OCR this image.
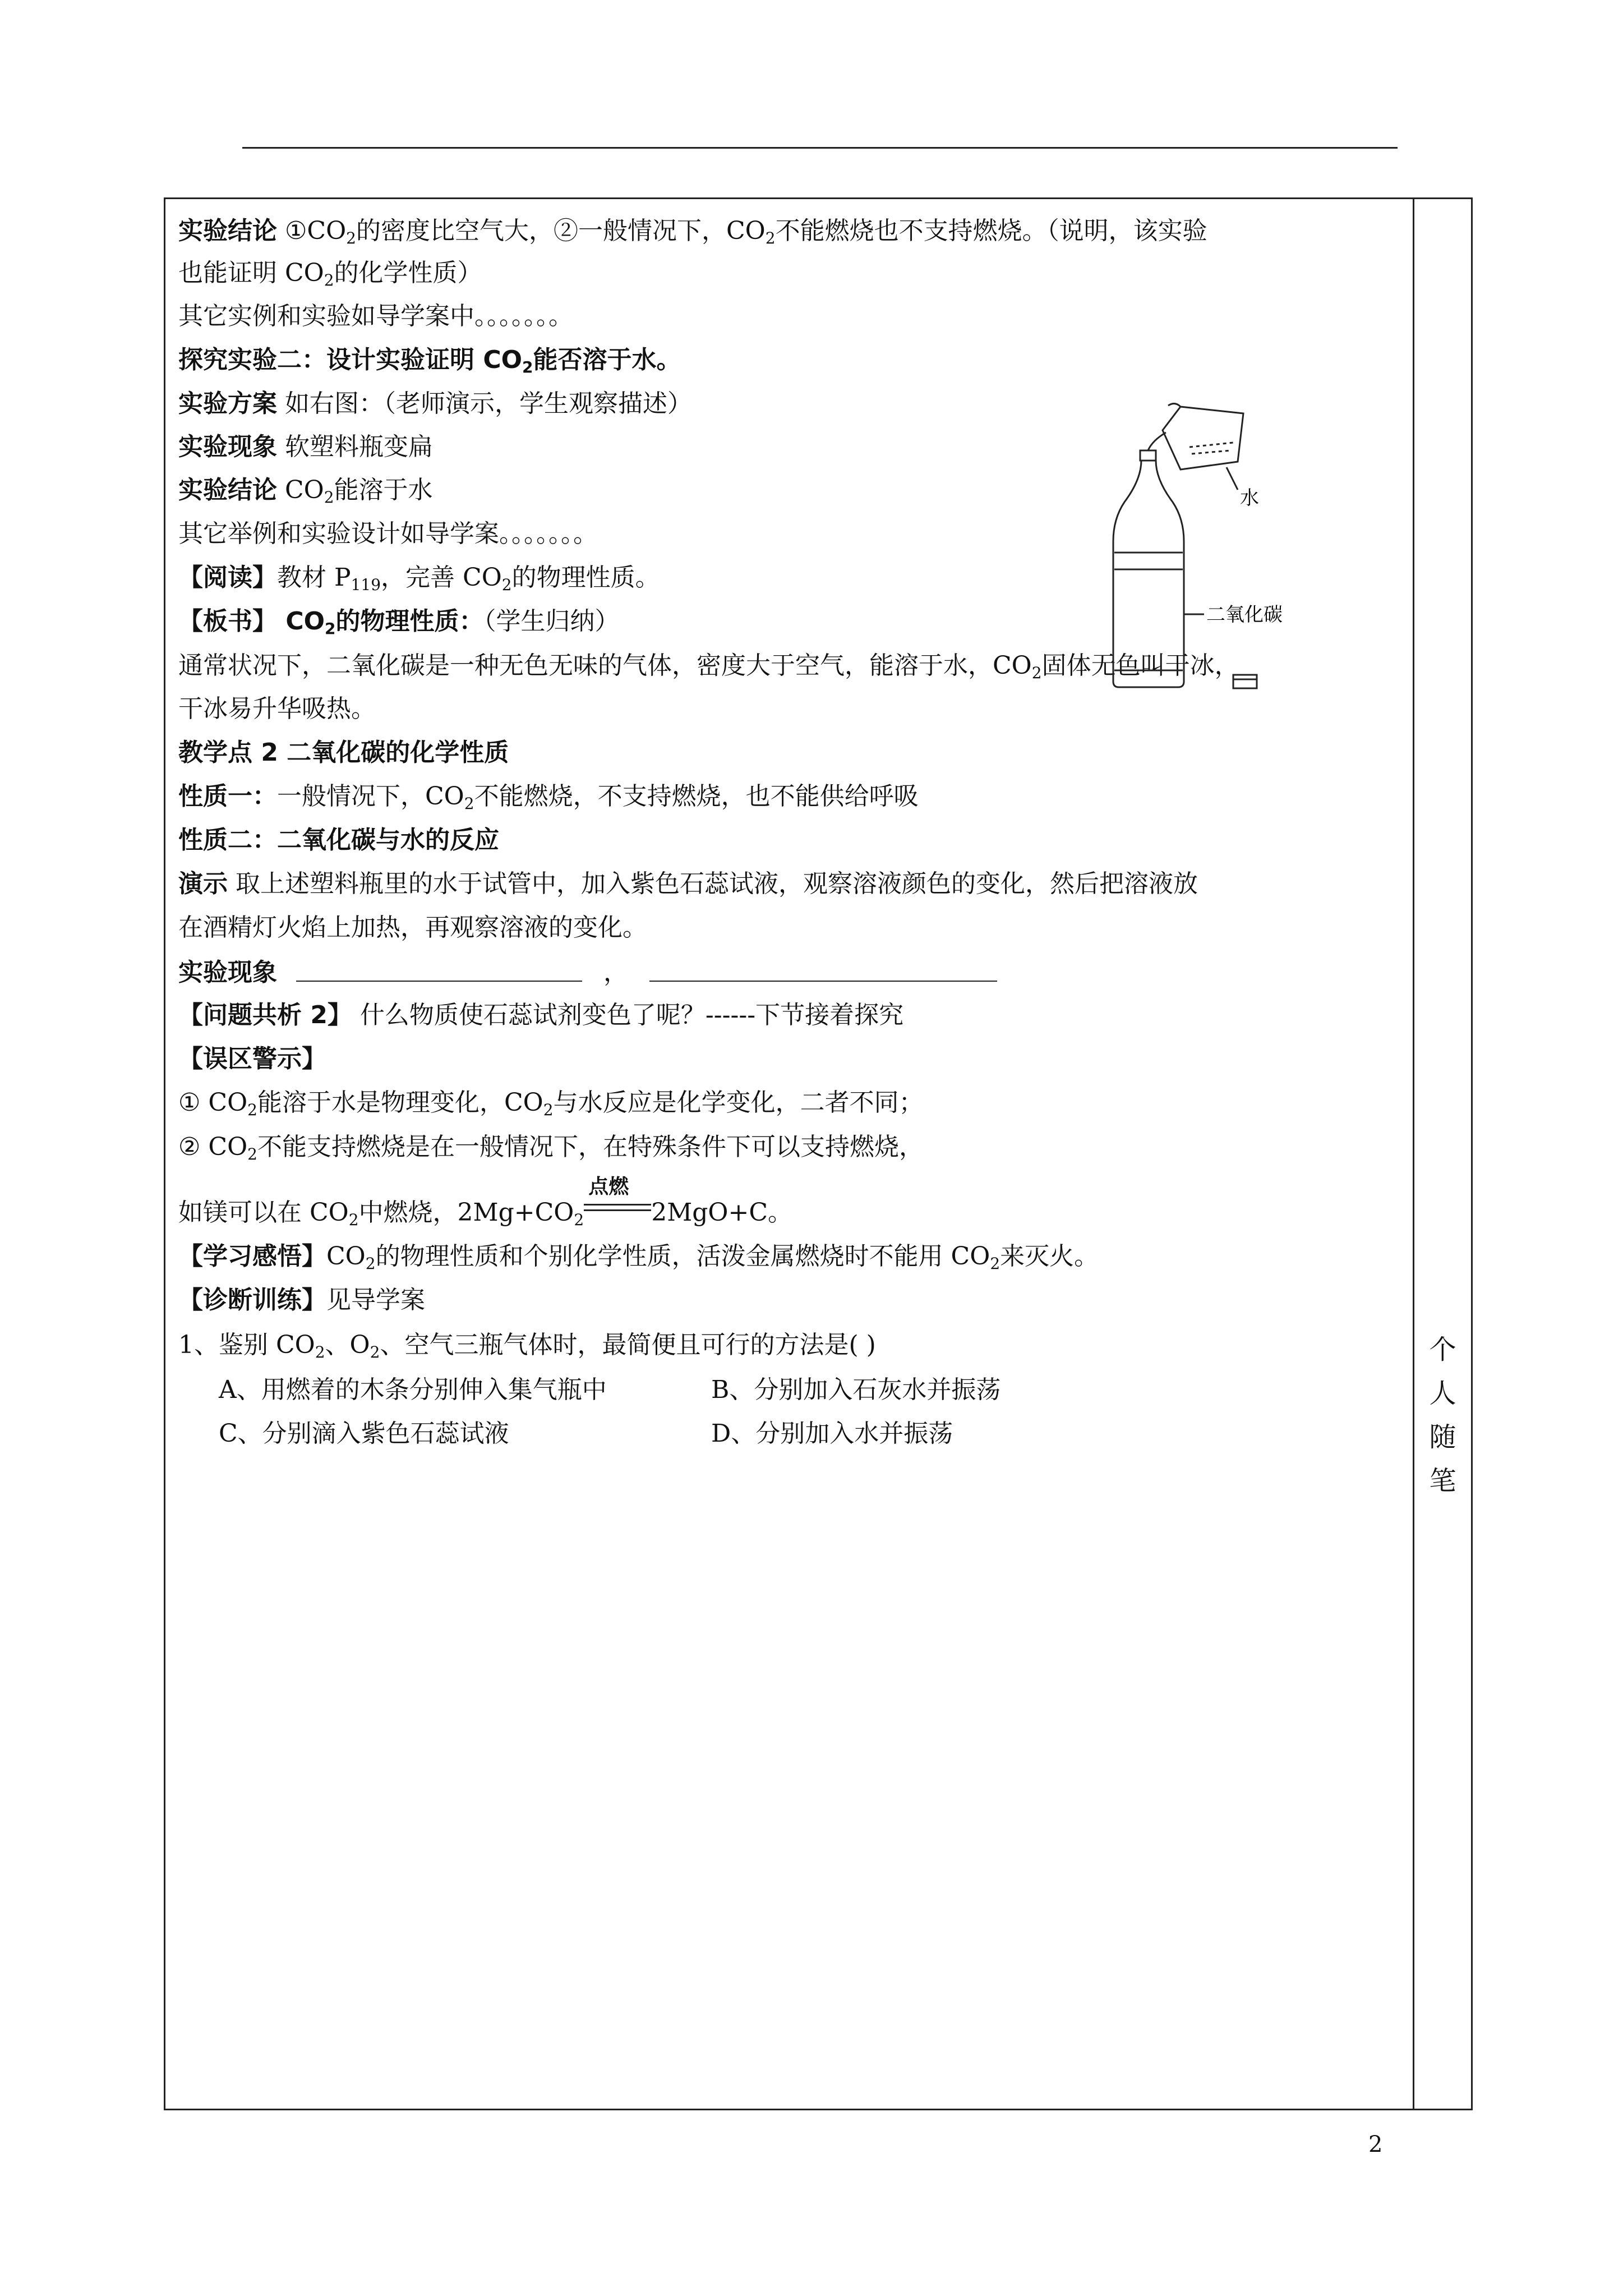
实验结论 $①CO_2$的密度比空气大，②一般情况下，$CO_2$不能燃烧也不支持燃烧。（说明，该实验
也能证明 $CO_2$的化学性质）
其它实例和实验如导学案中。。。。。。。
探究实验二：设计实验证明 $CO_2$能否溶于水。
实验方案 如右图：（老师演示，学生观察描述）
实验现象 软塑料瓶变扁
实验结论 $CO_2$能溶于水
其它举例和实验设计如导学案。。。。。。。
【阅读】教材 $P_{119}$，完善 $CO_2$的物理性质。
【板书】 $CO_2$的物理性质：（学生归纳）
通常状况下，二氧化碳是一种无色无味的气体，密度大于空气，能溶于水，$CO_2$固体无色叫干冰，
干冰易升华吸热。
教学点 2 二氧化碳的化学性质
性质一：一般情况下，$CO_2$不能燃烧，不支持燃烧，也不能供给呼吸
性质二：二氧化碳与水的反应
演示 取上述塑料瓶里的水于试管中，加入紫色石蕊试液，观察溶液颜色的变化，然后把溶液放
在酒精灯火焰上加热，再观察溶液的变化。
实验现象	，
【问题共析 2】 什么物质使石蕊试剂变色了呢？------下节接着探究
【误区警示】
① $CO_2$能溶于水是物理变化，$CO_2$与水反应是化学变化，二者不同；
② $CO_2$不能支持燃烧是在一般情况下，在特殊条件下可以支持燃烧，
如镁可以在 $CO_2$中燃烧，$2Mg+CO_2$
点燃
2MgO+C。
【学习感悟】$CO_2$的物理性质和个别化学性质，活泼金属燃烧时不能用 $CO_2$来灭火。
【诊断训练】见导学案
1、鉴别 $CO_2$、$O_2$、空气三瓶气体时，最简便且可行的方法是( )
A、用燃着的木条分别伸入集气瓶中	B、分别加入石灰水并振荡
C、分别滴入紫色石蕊试液	D、分别加入水并振荡
水
二氧化碳
个
人
随
笔
2
